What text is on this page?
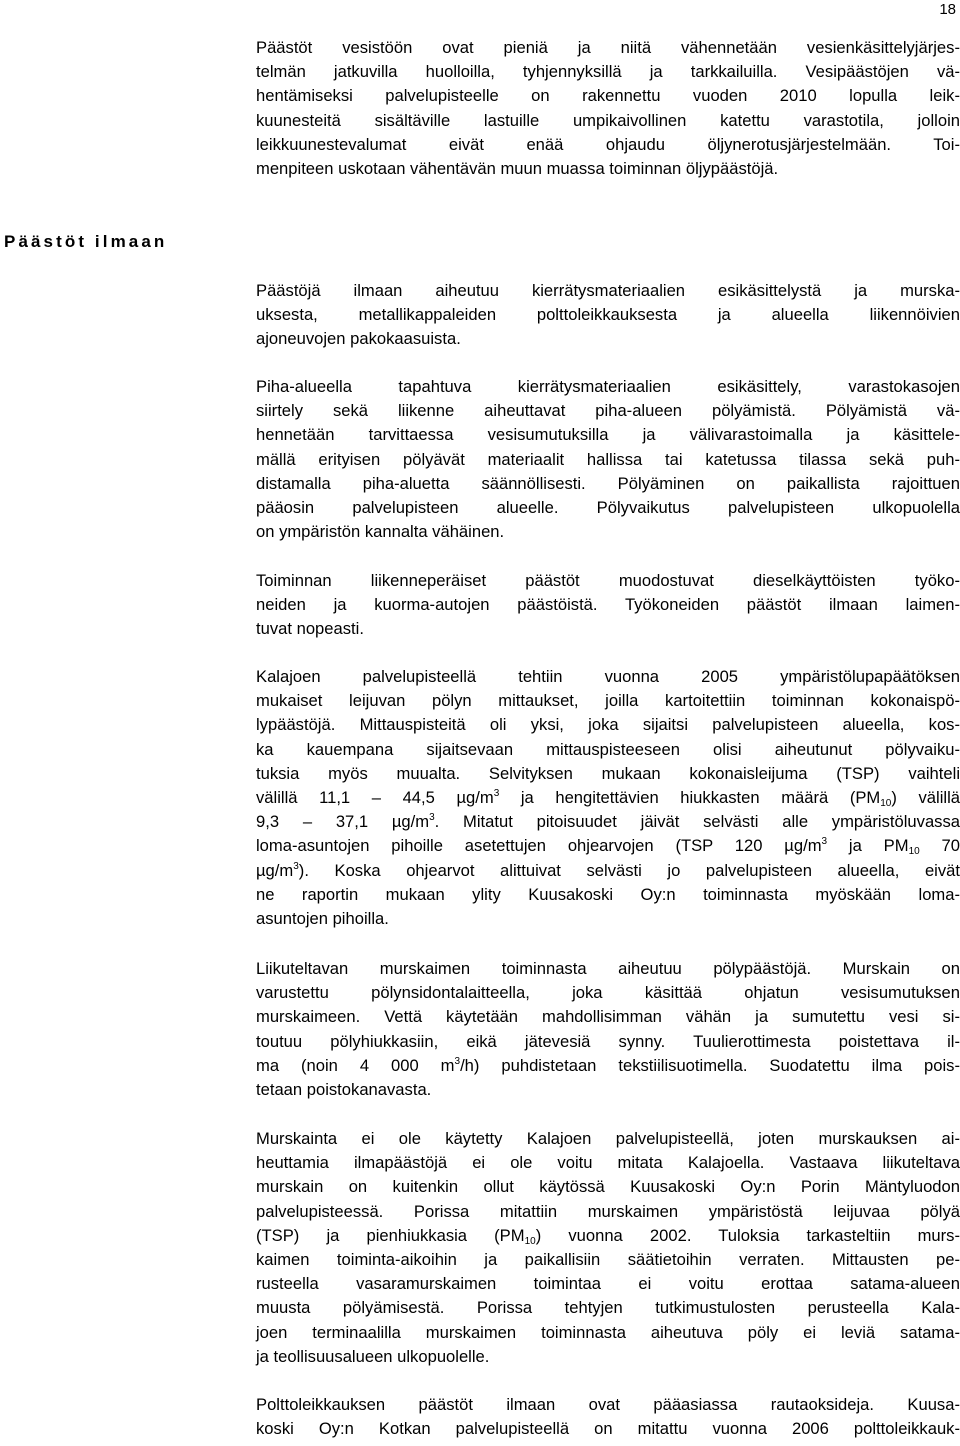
18
Päästöt vesistöön ovat pieniä ja niitä vähennetään vesienkäsittelyjärjes-
telmän jatkuvilla huolloilla, tyhjennyksillä ja tarkkailuilla. Vesipäästöjen vä-
hentämiseksi palvelupisteelle on rakennettu vuoden 2010 lopulla leik-
kuunesteitä sisältäville lastuille umpikaivollinen katettu varastotila, jolloin
leikkuunestevalumat eivät enää ohjaudu öljynerotusjärjestelmään. Toi-
menpiteen uskotaan vähentävän muun muassa toiminnan öljypäästöjä.
Päästöt ilmaan
Päästöjä ilmaan aiheutuu kierrätysmateriaalien esikäsittelystä ja murska-
uksesta, metallikappaleiden polttoleikkauksesta ja alueella liikennöivien
ajoneuvojen pakokaasuista.
Piha-alueella tapahtuva kierrätysmateriaalien esikäsittely, varastokasojen
siirtely sekä liikenne aiheuttavat piha-alueen pölyämistä. Pölyämistä vä-
hennetään tarvittaessa vesisumutuksilla ja välivarastoimalla ja käsittele-
mällä erityisen pölyävät materiaalit hallissa tai katetussa tilassa sekä puh-
distamalla piha-aluetta säännöllisesti. Pölyäminen on paikallista rajoittuen
pääosin palvelupisteen alueelle. Pölyvaikutus palvelupisteen ulkopuolella
on ympäristön kannalta vähäinen.
Toiminnan liikenneperäiset päästöt muodostuvat dieselkäyttöisten työko-
neiden ja kuorma-autojen päästöistä. Työkoneiden päästöt ilmaan laimen-
tuvat nopeasti.
Kalajoen palvelupisteellä tehtiin vuonna 2005 ympäristölupapäätöksen
mukaiset leijuvan pölyn mittaukset, joilla kartoitettiin toiminnan kokonaispö-
lypäästöjä. Mittauspisteitä oli yksi, joka sijaitsi palvelupisteen alueella, kos-
ka kauempana sijaitsevaan mittauspisteeseen olisi aiheutunut pölyvaiku-
tuksia myös muualta. Selvityksen mukaan kokonaisleijuma (TSP) vaihteli
välillä 11,1 – 44,5 $\mu g/m^3$ ja hengitettävien hiukkasten määrä $(PM_{10})$ välillä
9,3 – 37,1 $\mu g/m^3$. Mitatut pitoisuudet jäivät selvästi alle ympäristöluvassa
loma-asuntojen pihoille asetettujen ohjearvojen (TSP 120 $\mu g/m^3$ ja $PM_{10}$ 70
$\mu g/m^3$). Koska ohjearvot alittuivat selvästi jo palvelupisteen alueella, eivät
ne raportin mukaan ylity Kuusakoski Oy:n toiminnasta myöskään loma-
asuntojen pihoilla.
Liikuteltavan murskaimen toiminnasta aiheutuu pölypäästöjä. Murskain on
varustettu pölynsidontalaitteella, joka käsittää ohjatun vesisumutuksen
murskaimeen. Vettä käytetään mahdollisimman vähän ja sumutettu vesi si-
toutuu pölyhiukkasiin, eikä jätevesiä synny. Tuulierottimesta poistettava il-
ma (noin 4 000 $m^3/h$) puhdistetaan tekstiilisuotimella. Suodatettu ilma pois-
tetaan poistokanavasta.
Murskainta ei ole käytetty Kalajoen palvelupisteellä, joten murskauksen ai-
heuttamia ilmapäästöjä ei ole voitu mitata Kalajoella. Vastaava liikuteltava
murskain on kuitenkin ollut käytössä Kuusakoski Oy:n Porin Mäntyluodon
palvelupisteessä. Porissa mitattiin murskaimen ympäristöstä leijuvaa pölyä
(TSP) ja pienhiukkasia $(PM_{10})$ vuonna 2002. Tuloksia tarkasteltiin murs-
kaimen toiminta-aikoihin ja paikallisiin säätietoihin verraten. Mittausten pe-
rusteella vasaramurskaimen toimintaa ei voitu erottaa satama-alueen
muusta pölyämisestä. Porissa tehtyjen tutkimustulosten perusteella Kala-
joen terminaalilla murskaimen toiminnasta aiheutuva pöly ei leviä satama-
ja teollisuusalueen ulkopuolelle.
Polttoleikkauksen päästöt ilmaan ovat pääasiassa rautaoksideja. Kuusa-
koski Oy:n Kotkan palvelupisteellä on mitattu vuonna 2006 polttoleikkauk-
